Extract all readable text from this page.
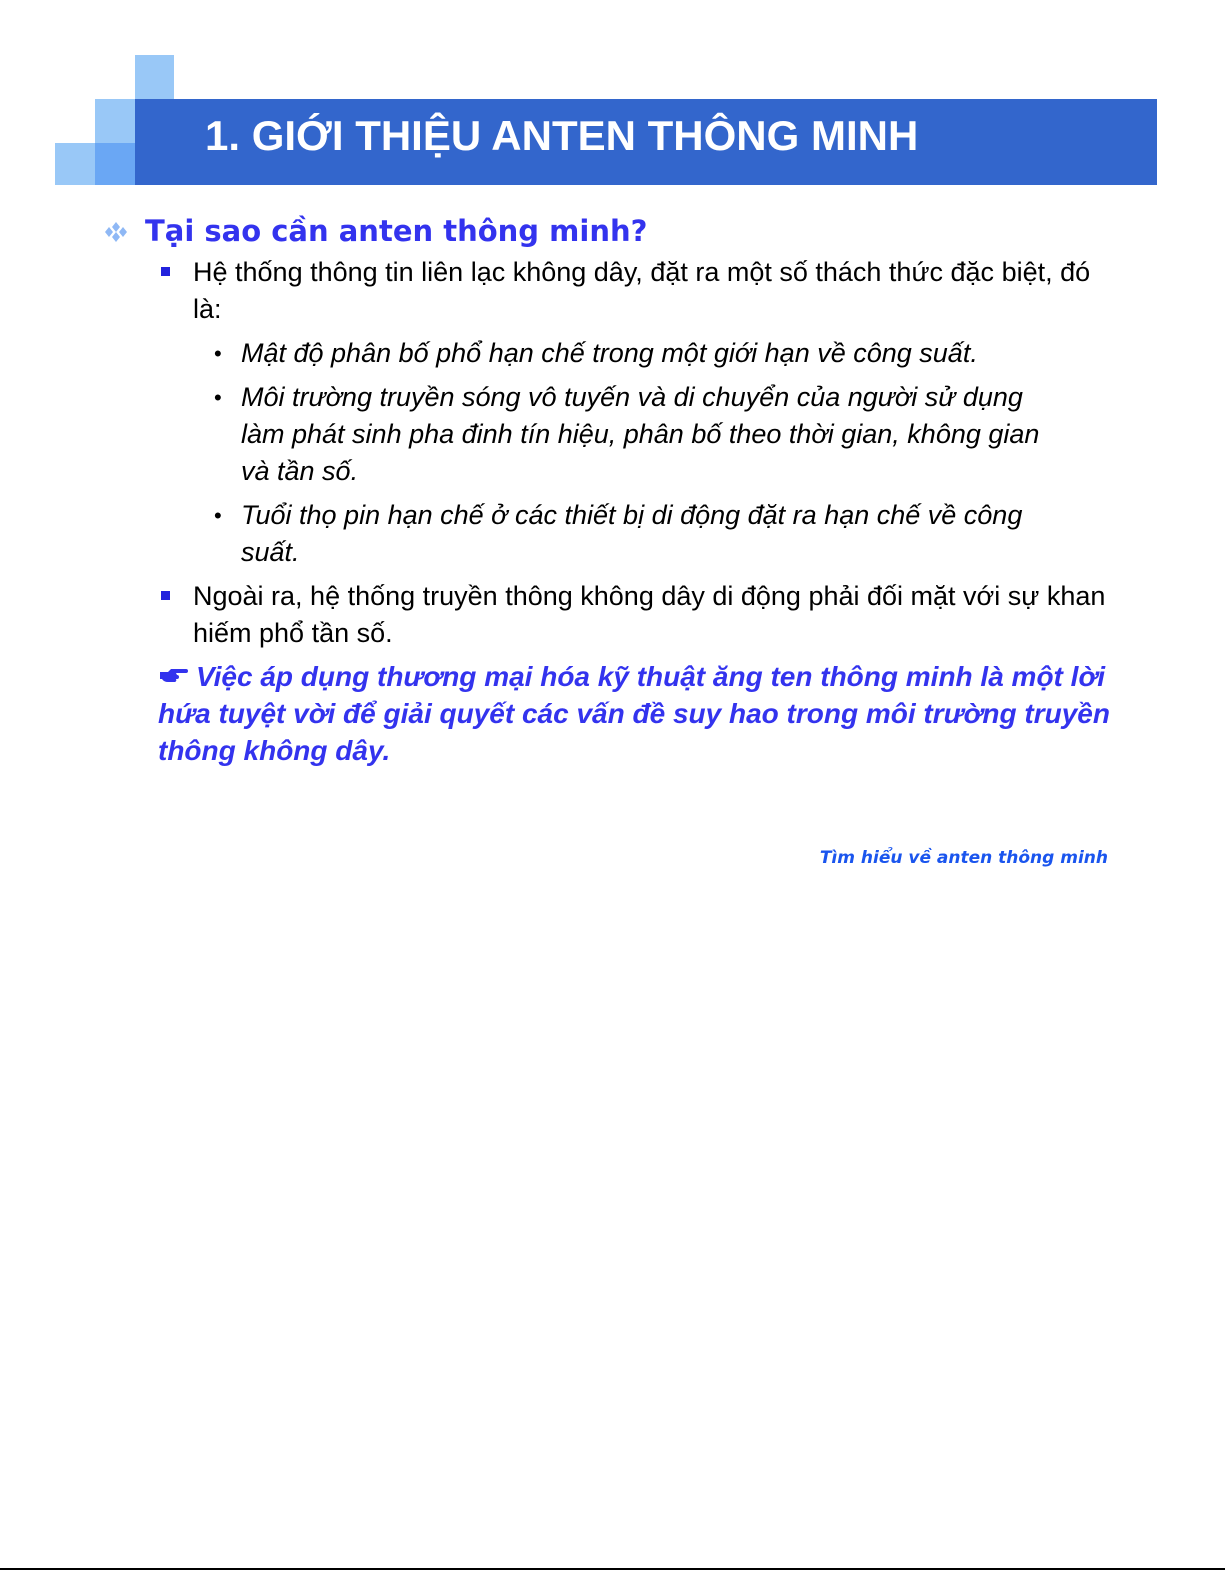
1. GIỚI THIỆU ANTEN THÔNG MINH
Tại sao cần anten thông minh?
Hệ thống thông tin liên lạc không dây, đặt ra một số thách thức đặc biệt, đó là:
• Mật độ phân bố phổ hạn chế trong một giới hạn về công suất.
• Môi trường truyền sóng vô tuyến và di chuyển của người sử dụng làm phát sinh pha đinh tín hiệu, phân bố theo thời gian, không gian và tần số.
• Tuổi thọ pin hạn chế ở các thiết bị di động đặt ra hạn chế về công suất.
Ngoài ra, hệ thống truyền thông không dây di động phải đối mặt với sự khan hiếm phổ tần số.
Việc áp dụng thương mại hóa kỹ thuật ăng ten thông minh là một lời hứa tuyệt vời để giải quyết các vấn đề suy hao trong môi trường truyền thông không dây.
Tìm hiểu về anten thông minh
